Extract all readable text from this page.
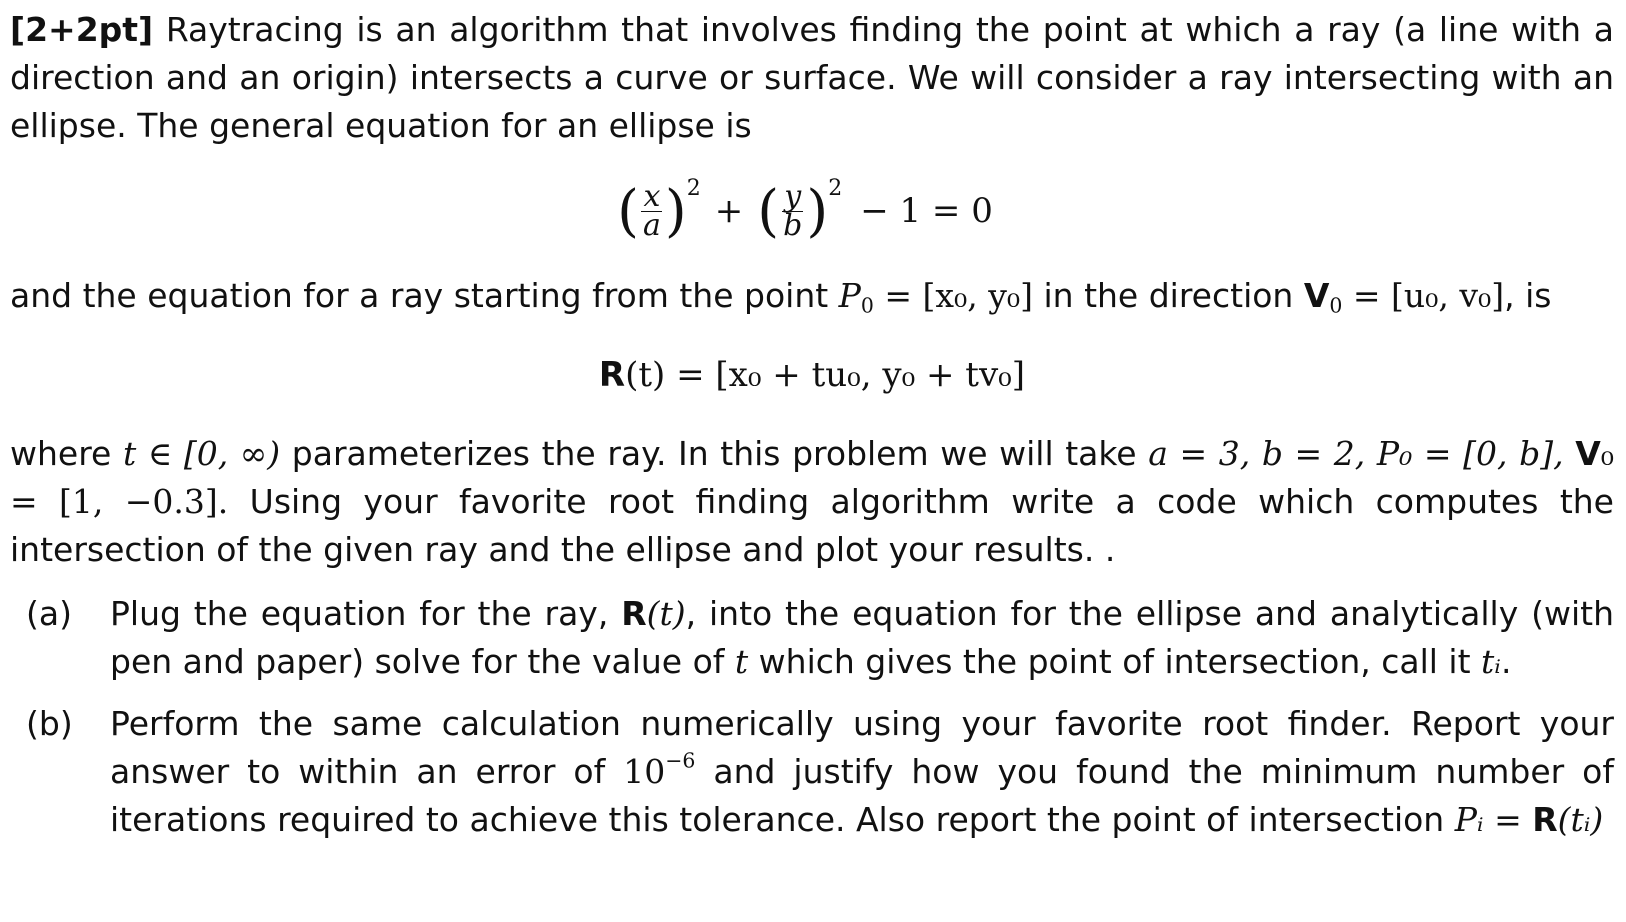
[2+2pt] Raytracing is an algorithm that involves finding the point at which a ray (a line with a direction and an origin) intersects a curve or surface. We will consider a ray intersecting with an ellipse. The general equation for an ellipse is

( $\frac{x}{a} )^2$
+ ( $\frac{y}{b} )^2$
− 1 = 0

and the equation for a ray starting from the point $P_0 = [x_0$, y₀] in the direction $V_0 = [u_0$, v₀], is

R (t) = [x₀ + tu₀, y₀ + tv₀]

where t ∈ [0, ∞) parameterizes the ray. In this problem we will take a = 3, b = 2, P₀ = [0, b], V₀ = [1, −0.3]. Using your favorite root finding algorithm write a code which computes the intersection of the given ray and the ellipse and plot your results. .

(a)	Plug the equation for the ray, R(t), into the equation for the ellipse and analytically (with pen and paper) solve for the value of t which gives the point of intersection, call it tᵢ.
(b)	Perform the same calculation numerically using your favorite root finder. Report your answer to within an error of $10^{-6}$ and justify how you found the minimum number of iterations required to achieve this tolerance. Also report the point of intersection Pᵢ = R(tᵢ)
